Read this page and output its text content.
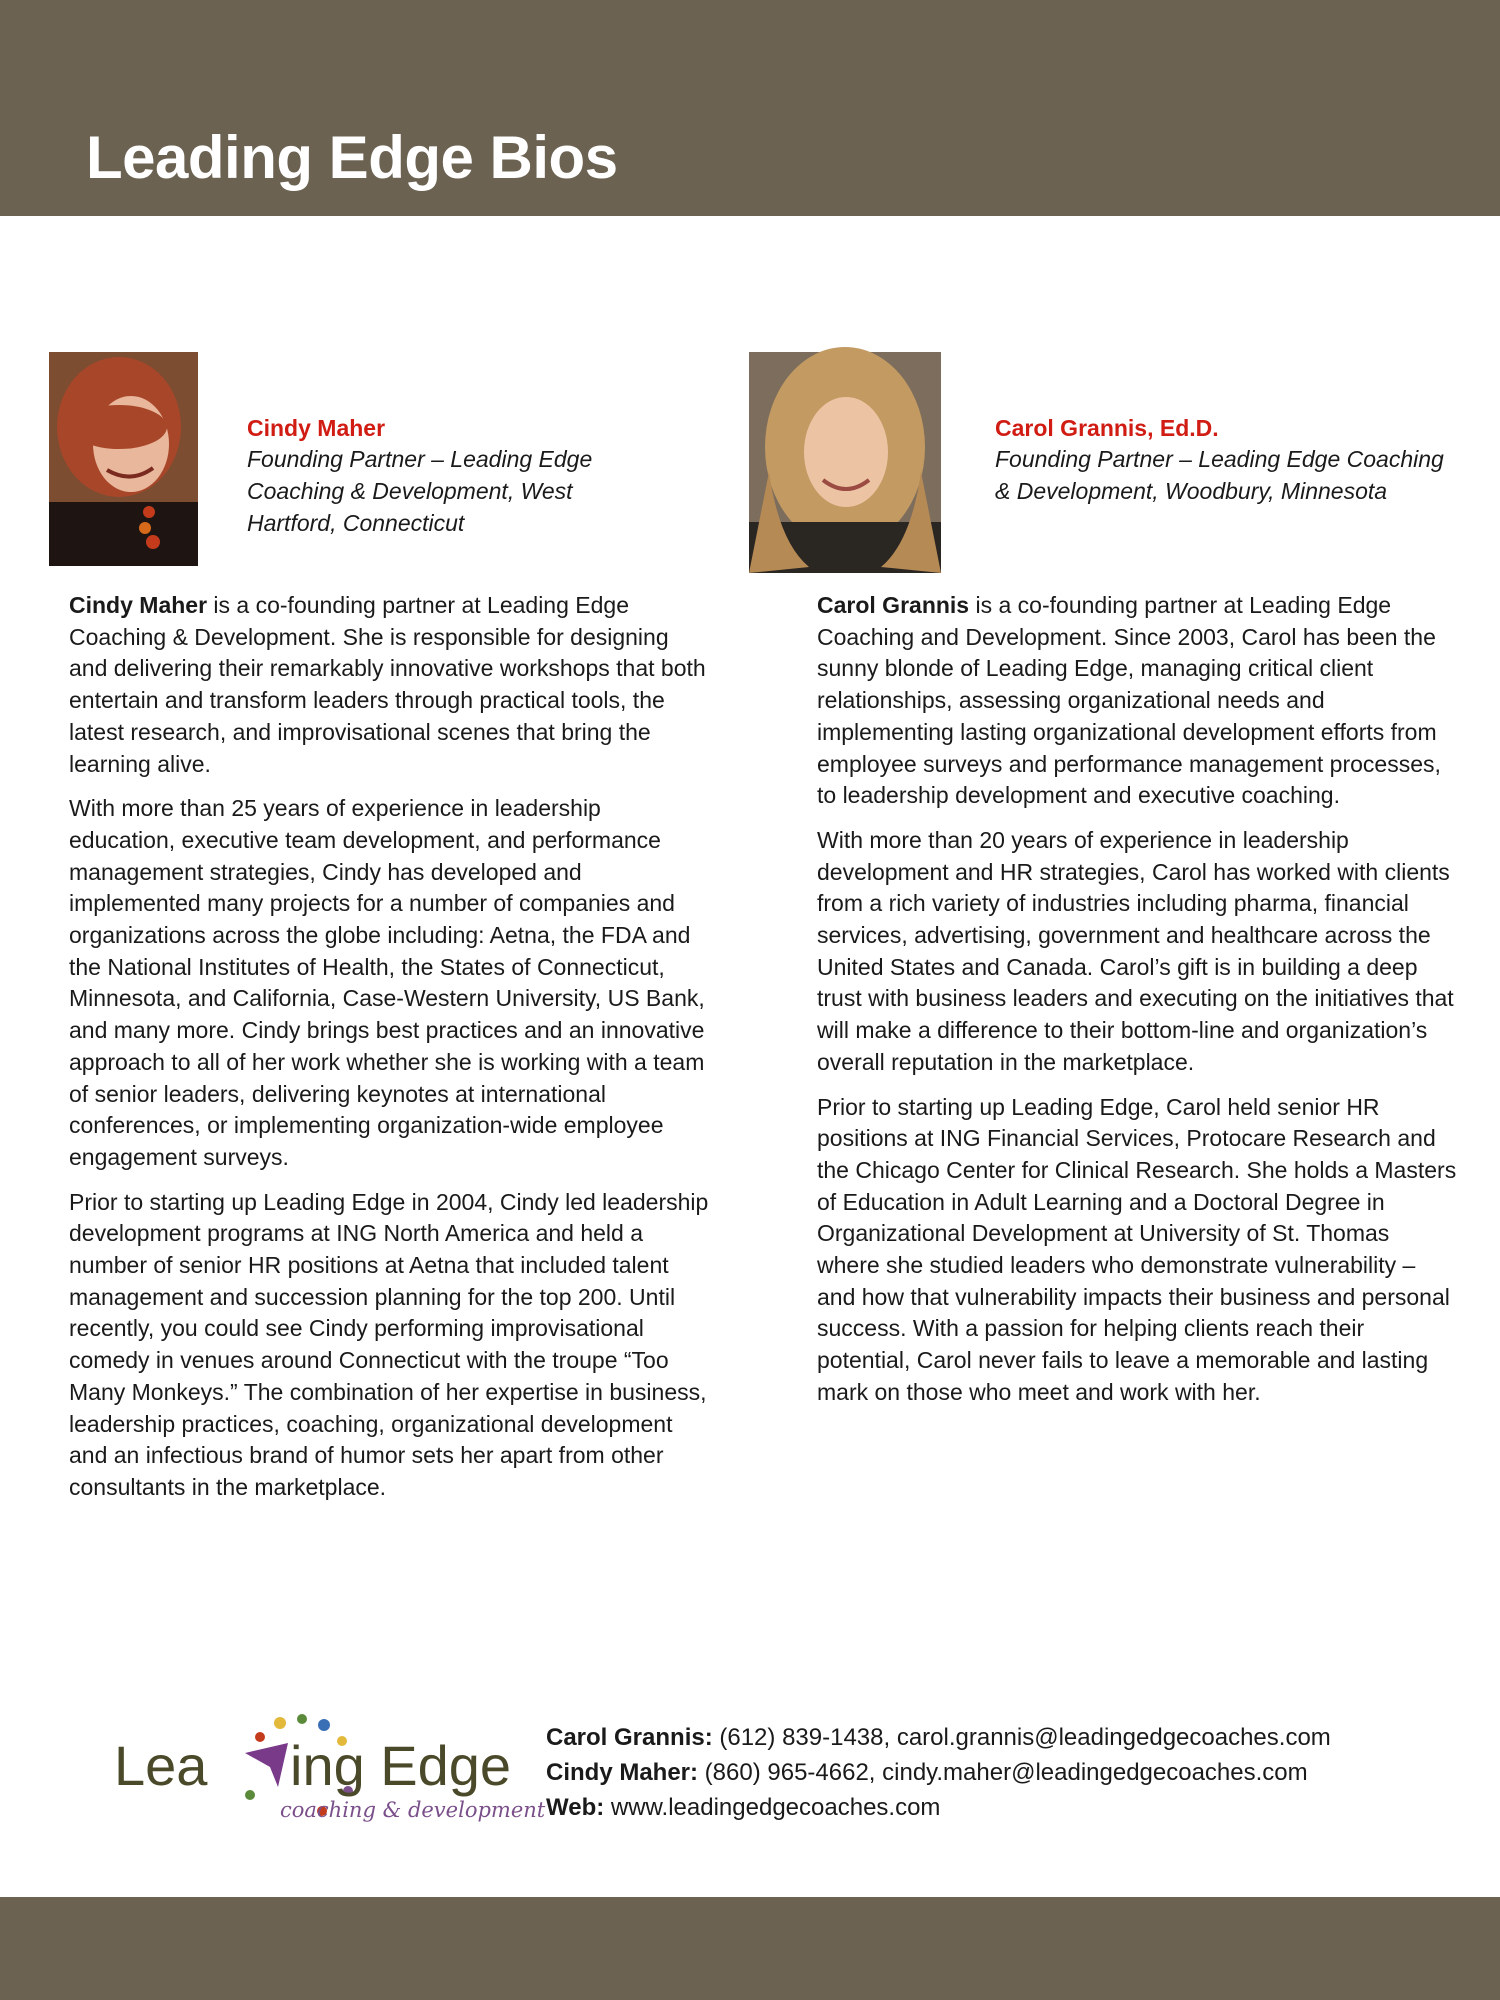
Leading Edge Bios
Cindy Maher
Founding Partner – Leading Edge Coaching & Development, West Hartford, Connecticut
Carol Grannis, Ed.D.
Founding Partner – Leading Edge Coaching & Development, Woodbury, Minnesota

Cindy Maher is a co-founding partner at Leading Edge Coaching & Development. She is responsible for designing and delivering their remarkably innovative workshops that both entertain and transform leaders through practical tools, the latest research, and improvisational scenes that bring the learning alive.

With more than 25 years of experience in leadership education, executive team development, and performance management strategies, Cindy has developed and implemented many projects for a number of companies and organizations across the globe including: Aetna, the FDA and the National Institutes of Health, the States of Connecticut, Minnesota, and California, Case-Western University, US Bank, and many more. Cindy brings best practices and an innovative approach to all of her work whether she is working with a team of senior leaders, delivering keynotes at international conferences, or implementing organization-wide employee engagement surveys.

Prior to starting up Leading Edge in 2004, Cindy led leadership development programs at ING North America and held a number of senior HR positions at Aetna that included talent management and succession planning for the top 200. Until recently, you could see Cindy performing improvisational comedy in venues around Connecticut with the troupe “Too Many Monkeys.” The combination of her expertise in business, leadership practices, coaching, organizational development and an infectious brand of humor sets her apart from other consultants in the marketplace.

Carol Grannis is a co-founding partner at Leading Edge Coaching and Development. Since 2003, Carol has been the sunny blonde of Leading Edge, managing critical client relationships, assessing organizational needs and implementing lasting organizational development efforts from employee surveys and performance management processes, to leadership development and executive coaching.

With more than 20 years of experience in leadership development and HR strategies, Carol has worked with clients from a rich variety of industries including pharma, financial services, advertising, government and healthcare across the United States and Canada. Carol’s gift is in building a deep trust with business leaders and executing on the initiatives that will make a difference to their bottom-line and organization’s overall reputation in the marketplace.

Prior to starting up Leading Edge, Carol held senior HR positions at ING Financial Services, Protocare Research and the Chicago Center for Clinical Research. She holds a Masters of Education in Adult Learning and a Doctoral Degree in Organizational Development at University of St. Thomas where she studied leaders who demonstrate vulnerability – and how that vulnerability impacts their business and personal success. With a passion for helping clients reach their potential, Carol never fails to leave a memorable and lasting mark on those who meet and work with her.

Lea ing Edge
coaching & development
Carol Grannis: (612) 839-1438, carol.grannis@leadingedgecoaches.com
Cindy Maher: (860) 965-4662, cindy.maher@leadingedgecoaches.com
Web: www.leadingedgecoaches.com
